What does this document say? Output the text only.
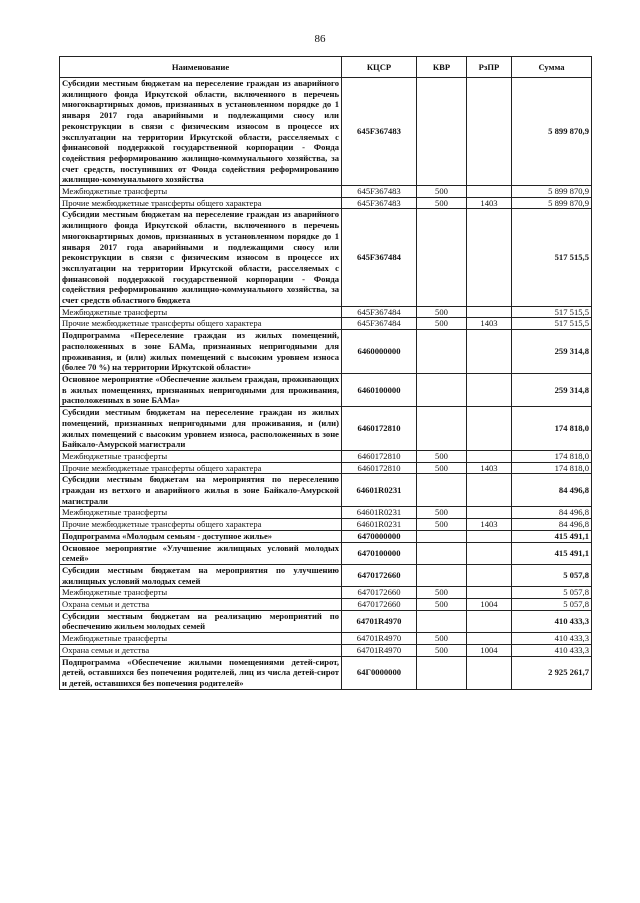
86
Наименование	КЦСР	КВР	РзПР	Сумма
Субсидии местным бюджетам на переселение граждан из аварийного жилищного фонда Иркутской области, включенного в перечень многоквартирных домов, признанных в установленном порядке до 1 января 2017 года аварийными и подлежащими сносу или реконструкции в связи с физическим износом в процессе их эксплуатации на территории Иркутской области, расселяемых с финансовой поддержкой государственной корпорации - Фонда содействия реформированию жилищно-коммунального хозяйства, за счет средств, поступивших от Фонда содействия реформированию жилищно-коммунального хозяйства	645F367483			5 899 870,9
Межбюджетные трансферты	645F367483	500		5 899 870,9
Прочие межбюджетные трансферты общего характера	645F367483	500	1403	5 899 870,9
Субсидии местным бюджетам на переселение граждан из аварийного жилищного фонда Иркутской области, включенного в перечень многоквартирных домов, признанных в установленном порядке до 1 января 2017 года аварийными и подлежащими сносу или реконструкции в связи с физическим износом в процессе их эксплуатации на территории Иркутской области, расселяемых с финансовой поддержкой государственной корпорации - Фонда содействия реформированию жилищно-коммунального хозяйства, за счет средств областного бюджета	645F367484			517 515,5
Межбюджетные трансферты	645F367484	500		517 515,5
Прочие межбюджетные трансферты общего характера	645F367484	500	1403	517 515,5
Подпрограмма «Переселение граждан из жилых помещений, расположенных в зоне БАМа, признанных непригодными для проживания, и (или) жилых помещений с высоким уровнем износа (более 70 %) на территории Иркутской области»	6460000000			259 314,8
Основное мероприятие «Обеспечение жильем граждан, проживающих в жилых помещениях, признанных непригодными для проживания, расположенных в зоне БАМа»	6460100000			259 314,8
Субсидии местным бюджетам на переселение граждан из жилых помещений, признанных непригодными для проживания, и (или) жилых помещений с высоким уровнем износа, расположенных в зоне Байкало-Амурской магистрали	6460172810			174 818,0
Межбюджетные трансферты	6460172810	500		174 818,0
Прочие межбюджетные трансферты общего характера	6460172810	500	1403	174 818,0
Субсидии местным бюджетам на мероприятия по переселению граждан из ветхого и аварийного жилья в зоне Байкало-Амурской магистрали	64601R0231			84 496,8
Межбюджетные трансферты	64601R0231	500		84 496,8
Прочие межбюджетные трансферты общего характера	64601R0231	500	1403	84 496,8
Подпрограмма «Молодым семьям - доступное жилье»	6470000000			415 491,1
Основное мероприятие «Улучшение жилищных условий молодых семей»	6470100000			415 491,1
Субсидии местным бюджетам на мероприятия по улучшению жилищных условий молодых семей	6470172660			5 057,8
Межбюджетные трансферты	6470172660	500		5 057,8
Охрана семьи и детства	6470172660	500	1004	5 057,8
Субсидии местным бюджетам на реализацию мероприятий по обеспечению жильем молодых семей	64701R4970			410 433,3
Межбюджетные трансферты	64701R4970	500		410 433,3
Охрана семьи и детства	64701R4970	500	1004	410 433,3
Подпрограмма «Обеспечение жилыми помещениями детей-сирот, детей, оставшихся без попечения родителей, лиц из числа детей-сирот и детей, оставшихся без попечения родителей»	64Г0000000			2 925 261,7
